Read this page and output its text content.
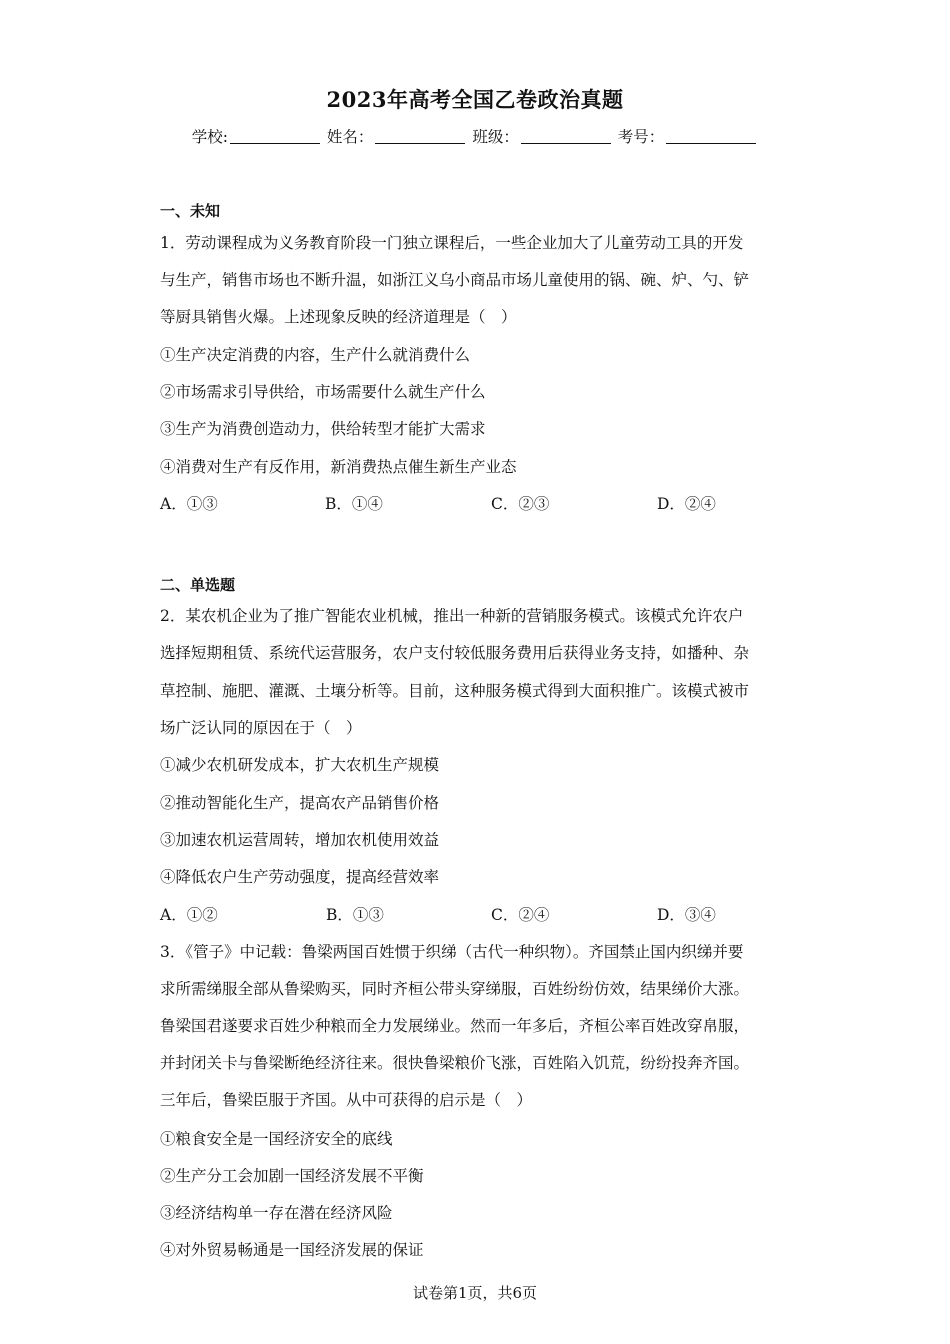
2023年高考全国乙卷政治真题
学校:	姓名：	班级：	考号：
一、未知
1．劳动课程成为义务教育阶段一门独立课程后，一些企业加大了儿童劳动工具的开发
与生产，销售市场也不断升温，如浙江义乌小商品市场儿童使用的锅、碗、炉、勺、铲
等厨具销售火爆。上述现象反映的经济道理是（　）
①生产决定消费的内容，生产什么就消费什么
②市场需求引导供给，市场需要什么就生产什么
③生产为消费创造动力，供给转型才能扩大需求
④消费对生产有反作用，新消费热点催生新生产业态
A．①③	B．①④	C．②③	D．②④
二、单选题
2．某农机企业为了推广智能农业机械，推出一种新的营销服务模式。该模式允许农户
选择短期租赁、系统代运营服务，农户支付较低服务费用后获得业务支持，如播种、杂
草控制、施肥、灌溉、土壤分析等。目前，这种服务模式得到大面积推广。该模式被市
场广泛认同的原因在于（　）
①减少农机研发成本，扩大农机生产规模
②推动智能化生产，提高农产品销售价格
③加速农机运营周转，增加农机使用效益
④降低农户生产劳动强度，提高经营效率
A．①②	B．①③	C．②④	D．③④
3．《管子》中记载：鲁梁两国百姓惯于织绨（古代一种织物）。齐国禁止国内织绨并要
求所需绨服全部从鲁梁购买，同时齐桓公带头穿绨服，百姓纷纷仿效，结果绨价大涨。
鲁梁国君遂要求百姓少种粮而全力发展绨业。然而一年多后，齐桓公率百姓改穿帛服，
并封闭关卡与鲁梁断绝经济往来。很快鲁梁粮价飞涨，百姓陷入饥荒，纷纷投奔齐国。
三年后，鲁梁臣服于齐国。从中可获得的启示是（　）
①粮食安全是一国经济安全的底线
②生产分工会加剧一国经济发展不平衡
③经济结构单一存在潜在经济风险
④对外贸易畅通是一国经济发展的保证
试卷第1页，共6页
